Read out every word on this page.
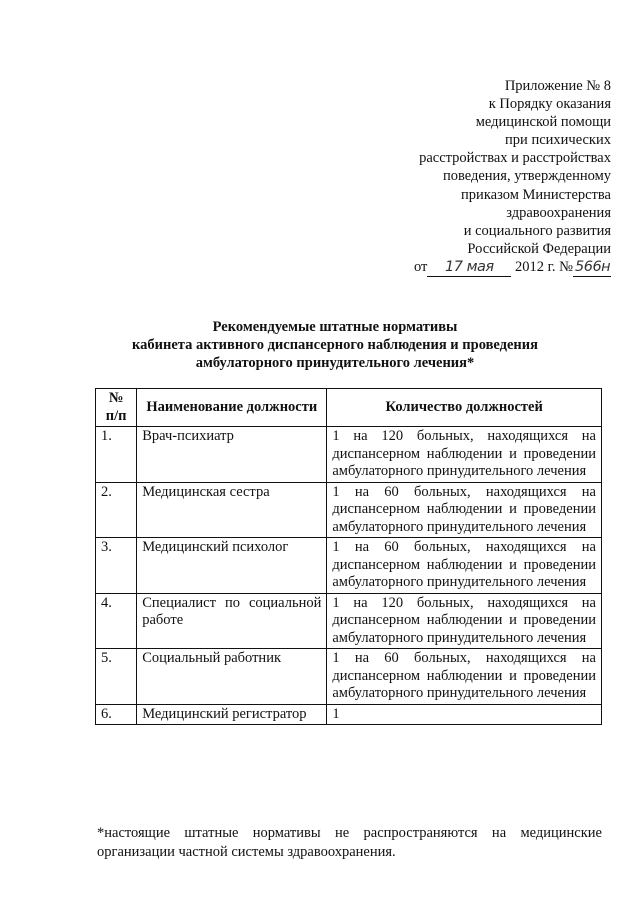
Приложение № 8
к Порядку оказания
медицинской помощи
при психических
расстройствах и расстройствах
поведения, утвержденному
приказом Министерства
здравоохранения
и социального развития
Российской Федерации
от 17 мая 2012 г. № 566н
Рекомендуемые штатные нормативы
кабинета активного диспансерного наблюдения и проведения
амбулаторного принудительного лечения*
№ п/п	Наименование должности	Количество должностей
1.	Врач-психиатр	1 на 120 больных, находящихся на диспансерном наблюдении и проведении амбулаторного принудительного лечения
2.	Медицинская сестра	1 на 60 больных, находящихся на диспансерном наблюдении и проведении амбулаторного принудительного лечения
3.	Медицинский психолог	1 на 60 больных, находящихся на диспансерном наблюдении и проведении амбулаторного принудительного лечения
4.	Специалист по социальной работе	1 на 120 больных, находящихся на диспансерном наблюдении и проведении амбулаторного принудительного лечения
5.	Социальный работник	1 на 60 больных, находящихся на диспансерном наблюдении и проведении амбулаторного принудительного лечения
6.	Медицинский регистратор	1
*настоящие штатные нормативы не распространяются на медицинские организации частной системы здравоохранения.
